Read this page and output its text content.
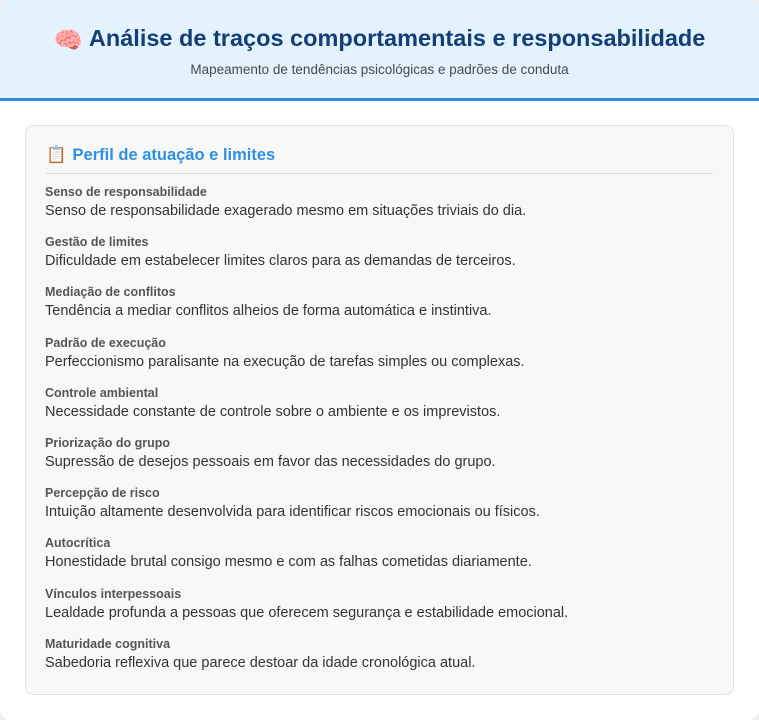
🧠 Análise de traços comportamentais e responsabilidade
Mapeamento de tendências psicológicas e padrões de conduta
📋 Perfil de atuação e limites
Senso de responsabilidade
Senso de responsabilidade exagerado mesmo em situações triviais do dia.
Gestão de limites
Dificuldade em estabelecer limites claros para as demandas de terceiros.
Mediação de conflitos
Tendência a mediar conflitos alheios de forma automática e instintiva.
Padrão de execução
Perfeccionismo paralisante na execução de tarefas simples ou complexas.
Controle ambiental
Necessidade constante de controle sobre o ambiente e os imprevistos.
Priorização do grupo
Supressão de desejos pessoais em favor das necessidades do grupo.
Percepção de risco
Intuição altamente desenvolvida para identificar riscos emocionais ou físicos.
Autocrítica
Honestidade brutal consigo mesmo e com as falhas cometidas diariamente.
Vínculos interpessoais
Lealdade profunda a pessoas que oferecem segurança e estabilidade emocional.
Maturidade cognitiva
Sabedoria reflexiva que parece destoar da idade cronológica atual.
